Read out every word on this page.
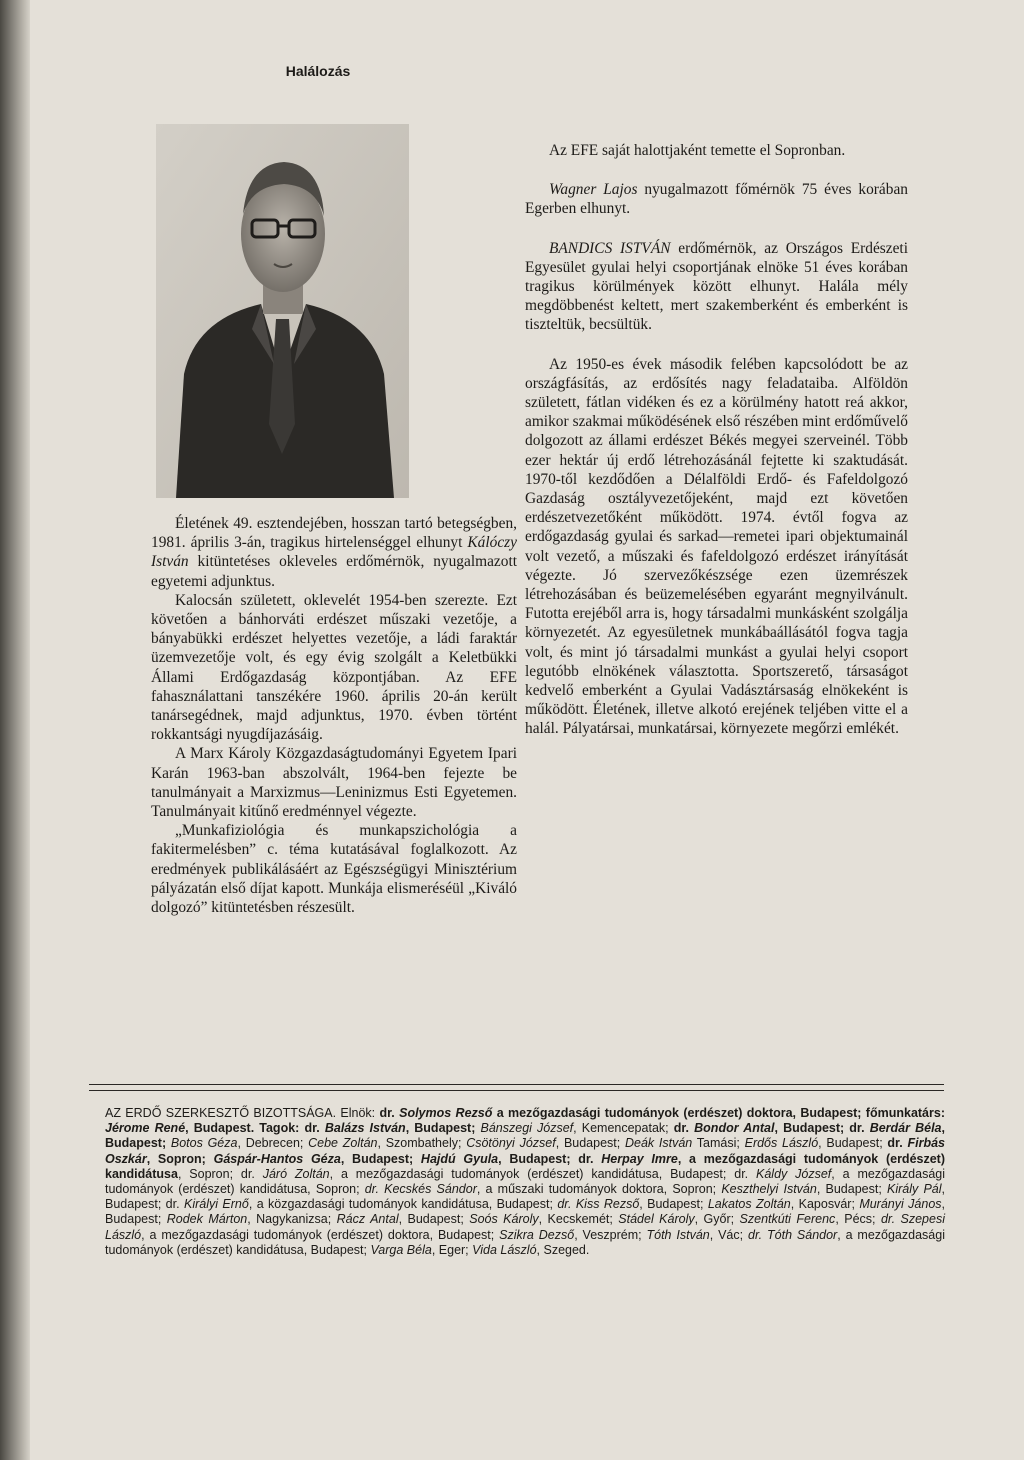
Halálozás

Életének 49. esztendejében, hosszan tartó betegségben, 1981. április 3-án, tragikus hirtelenséggel elhunyt Kálóczy István kitüntetéses okleveles erdőmérnök, nyugalmazott egyetemi adjunktus.

Kalocsán született, oklevelét 1954-ben szerezte. Ezt követően a bánhorváti erdészet műszaki vezetője, a bányabükki erdészet helyettes vezetője, a ládi faraktár üzemvezetője volt, és egy évig szolgált a Keletbükki Állami Erdőgazdaság központjában. Az EFE fahasználattani tanszékére 1960. április 20-án került tanársegédnek, majd adjunktus, 1970. évben történt rokkantsági nyugdíjazásáig.

A Marx Károly Közgazdaságtudományi Egyetem Ipari Karán 1963-ban abszolvált, 1964-ben fejezte be tanulmányait a Marxizmus—Leninizmus Esti Egyetemen. Tanulmányait kitűnő eredménnyel végezte.

„Munkafiziológia és munkapszichológia a fakitermelésben” c. téma kutatásával foglalkozott. Az eredmények publikálásáért az Egészségügyi Minisztérium pályázatán első díjat kapott. Munkája elismeréséül „Kiváló dolgozó” kitüntetésben részesült.

Az EFE saját halottjaként temette el Sopronban.

Wagner Lajos nyugalmazott főmérnök 75 éves korában Egerben elhunyt.

BANDICS ISTVÁN erdőmérnök, az Országos Erdészeti Egyesület gyulai helyi csoportjának elnöke 51 éves korában tragikus körülmények között elhunyt. Halála mély megdöbbenést keltett, mert szakemberként és emberként is tiszteltük, becsültük.

Az 1950-es évek második felében kapcsolódott be az országfásítás, az erdősítés nagy feladataiba. Alföldön született, fátlan vidéken és ez a körülmény hatott reá akkor, amikor szakmai működésének első részében mint erdőművelő dolgozott az állami erdészet Békés megyei szerveinél. Több ezer hektár új erdő létrehozásánál fejtette ki szaktudását. 1970-től kezdődően a Délalföldi Erdő- és Fafeldolgozó Gazdaság osztályvezetőjeként, majd ezt követően erdészetvezetőként működött. 1974. évtől fogva az erdőgazdaság gyulai és sarkad—remetei ipari objektumainál volt vezető, a műszaki és fafeldolgozó erdészet irányítását végezte. Jó szervezőkészsége ezen üzemrészek létrehozásában és beüzemelésében egyaránt megnyilvánult. Futotta erejéből arra is, hogy társadalmi munkásként szolgálja környezetét. Az egyesületnek munkábaállásától fogva tagja volt, és mint jó társadalmi munkást a gyulai helyi csoport legutóbb elnökének választotta. Sportszerető, társaságot kedvelő emberként a Gyulai Vadásztársaság elnökeként is működött. Életének, illetve alkotó erejének teljében vitte el a halál. Pályatársai, munkatársai, környezete megőrzi emlékét.

AZ ERDŐ SZERKESZTŐ BIZOTTSÁGA. Elnök: dr. Solymos Rezső a mezőgazdasági tudományok (erdészet) doktora, Budapest; főmunkatárs: Jérome René, Budapest. Tagok: dr. Balázs István, Budapest; Bánszegi József, Kemencepatak; dr. Bondor Antal, Budapest; dr. Berdár Béla, Budapest; Botos Géza, Debrecen; Cebe Zoltán, Szombathely; Csötönyi József, Budapest; Deák István Tamási; Erdős László, Budapest; dr. Firbás Oszkár, Sopron; Gáspár-Hantos Géza, Budapest; Hajdú Gyula, Budapest; dr. Herpay Imre, a mezőgazdasági tudományok (erdészet) kandidátusa, Sopron; dr. Járó Zoltán, a mezőgazdasági tudományok (erdészet) kandidátusa, Budapest; dr. Káldy József, a mezőgazdasági tudományok (erdészet) kandidátusa, Sopron; dr. Kecskés Sándor, a műszaki tudományok doktora, Sopron; Keszthelyi István, Budapest; Király Pál, Budapest; dr. Királyi Ernő, a közgazdasági tudományok kandidátusa, Budapest; dr. Kiss Rezső, Budapest; Lakatos Zoltán, Kaposvár; Murányi János, Budapest; Rodek Márton, Nagykanizsa; Rácz Antal, Budapest; Soós Károly, Kecskemét; Stádel Károly, Győr; Szentkúti Ferenc, Pécs; dr. Szepesi László, a mezőgazdasági tudományok (erdészet) doktora, Budapest; Szikra Dezső, Veszprém; Tóth István, Vác; dr. Tóth Sándor, a mezőgazdasági tudományok (erdészet) kandidátusa, Budapest; Varga Béla, Eger; Vida László, Szeged.
